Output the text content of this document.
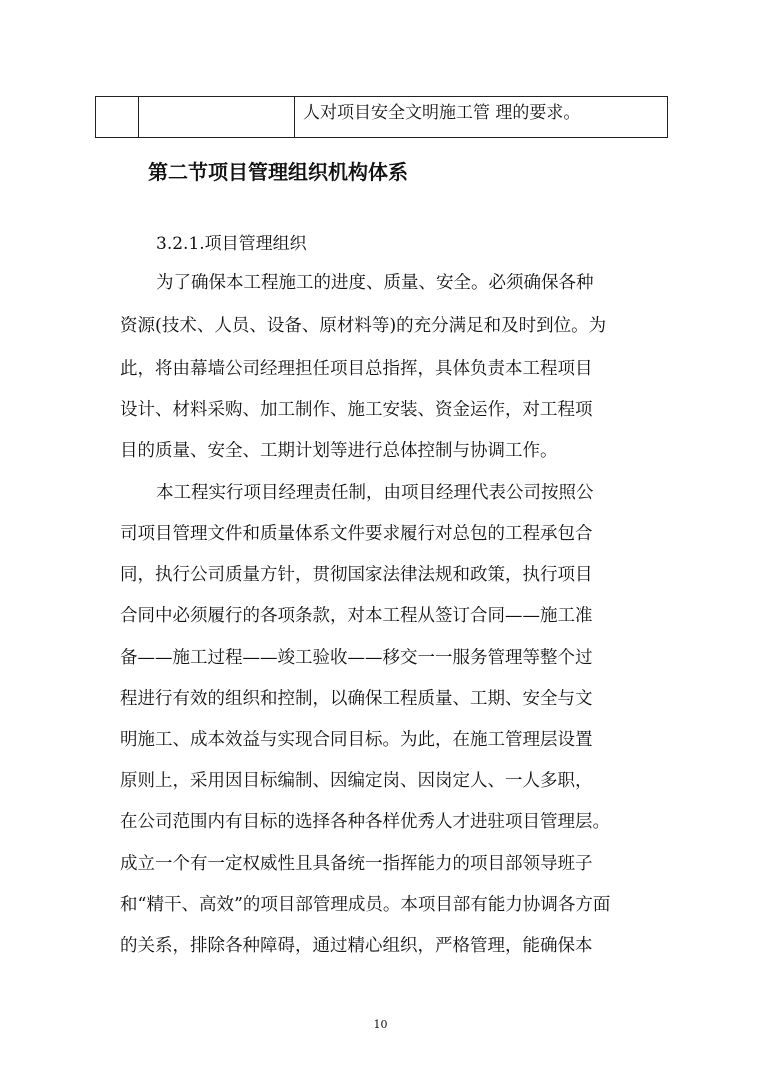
		人对项目安全文明施工管 理的要求。
第二节项目管理组织机构体系

3.2.1.项目管理组织

为了确保本工程施工的进度、质量、安全。必须确保各种

资源(技术、人员、设备、原材料等)的充分满足和及时到位。为

此，将由幕墙公司经理担任项目总指挥，具体负责本工程项目

设计、材料采购、加工制作、施工安装、资金运作，对工程项

目的质量、安全、工期计划等进行总体控制与协调工作。

本工程实行项目经理责任制，由项目经理代表公司按照公

司项目管理文件和质量体系文件要求履行对总包的工程承包合

同，执行公司质量方针，贯彻国家法律法规和政策，执行项目

合同中必须履行的各项条款，对本工程从签订合同——施工准

备——施工过程——竣工验收——移交一一服务管理等整个过

程进行有效的组织和控制，以确保工程质量、工期、安全与文

明施工、成本效益与实现合同目标。为此，在施工管理层设置

原则上，采用因目标编制、因编定岗、因岗定人、一人多职，

在公司范围内有目标的选择各种各样优秀人才进驻项目管理层。

成立一个有一定权威性且具备统一指挥能力的项目部领导班子

和“精干、高效”的项目部管理成员。本项目部有能力协调各方面

的关系，排除各种障碍，通过精心组织，严格管理，能确保本

10
